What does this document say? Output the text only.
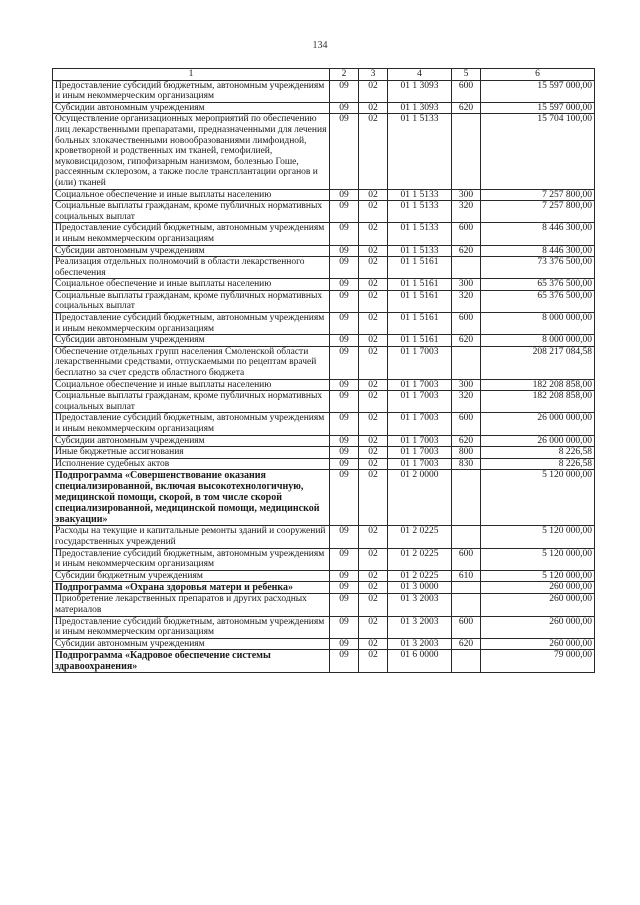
134
1	2	3	4	5	6
Предоставление субсидий бюджетным, автономным учреждениям и иным некоммерческим организациям	09	02	01 1 3093	600	15 597 000,00
Субсидии автономным учреждениям	09	02	01 1 3093	620	15 597 000,00
Осуществление организационных мероприятий по обеспечению лиц лекарственными препаратами, предназначенными для лечения больных злокачественными новообразованиями лимфоидной, кроветворной и родственных им тканей, гемофилией, муковисцидозом, гипофизарным нанизмом, болезнью Гоше, рассеянным склерозом, а также после трансплантации органов и (или) тканей	09	02	01 1 5133		15 704 100,00
Социальное обеспечение и иные выплаты населению	09	02	01 1 5133	300	7 257 800,00
Социальные выплаты гражданам, кроме публичных нормативных социальных выплат	09	02	01 1 5133	320	7 257 800,00
Предоставление субсидий бюджетным, автономным учреждениям и иным некоммерческим организациям	09	02	01 1 5133	600	8 446 300,00
Субсидии автономным учреждениям	09	02	01 1 5133	620	8 446 300,00
Реализация отдельных полномочий в области лекарственного обеспечения	09	02	01 1 5161		73 376 500,00
Социальное обеспечение и иные выплаты населению	09	02	01 1 5161	300	65 376 500,00
Социальные выплаты гражданам, кроме публичных нормативных социальных выплат	09	02	01 1 5161	320	65 376 500,00
Предоставление субсидий бюджетным, автономным учреждениям и иным некоммерческим организациям	09	02	01 1 5161	600	8 000 000,00
Субсидии автономным учреждениям	09	02	01 1 5161	620	8 000 000,00
Обеспечение отдельных групп населения Смоленской области лекарственными средствами, отпускаемыми по рецептам врачей бесплатно за счет средств областного бюджета	09	02	01 1 7003		208 217 084,58
Социальное обеспечение и иные выплаты населению	09	02	01 1 7003	300	182 208 858,00
Социальные выплаты гражданам, кроме публичных нормативных социальных выплат	09	02	01 1 7003	320	182 208 858,00
Предоставление субсидий бюджетным, автономным учреждениям и иным некоммерческим организациям	09	02	01 1 7003	600	26 000 000,00
Субсидии автономным учреждениям	09	02	01 1 7003	620	26 000 000,00
Иные бюджетные ассигнования	09	02	01 1 7003	800	8 226,58
Исполнение судебных актов	09	02	01 1 7003	830	8 226,58
Подпрограмма «Совершенствование оказания специализированной, включая высокотехнологичную, медицинской помощи, скорой, в том числе скорой специализированной, медицинской помощи, медицинской эвакуации»	09	02	01 2 0000		5 120 000,00
Расходы на текущие и капитальные ремонты зданий и сооружений государственных учреждений	09	02	01 2 0225		5 120 000,00
Предоставление субсидий бюджетным, автономным учреждениям и иным некоммерческим организациям	09	02	01 2 0225	600	5 120 000,00
Субсидии бюджетным учреждениям	09	02	01 2 0225	610	5 120 000,00
Подпрограмма «Охрана здоровья матери и ребенка»	09	02	01 3 0000		260 000,00
Приобретение лекарственных препаратов и других расходных материалов	09	02	01 3 2003		260 000,00
Предоставление субсидий бюджетным, автономным учреждениям и иным некоммерческим организациям	09	02	01 3 2003	600	260 000,00
Субсидии автономным учреждениям	09	02	01 3 2003	620	260 000,00
Подпрограмма «Кадровое обеспечение системы здравоохранения»	09	02	01 6 0000		79 000,00
